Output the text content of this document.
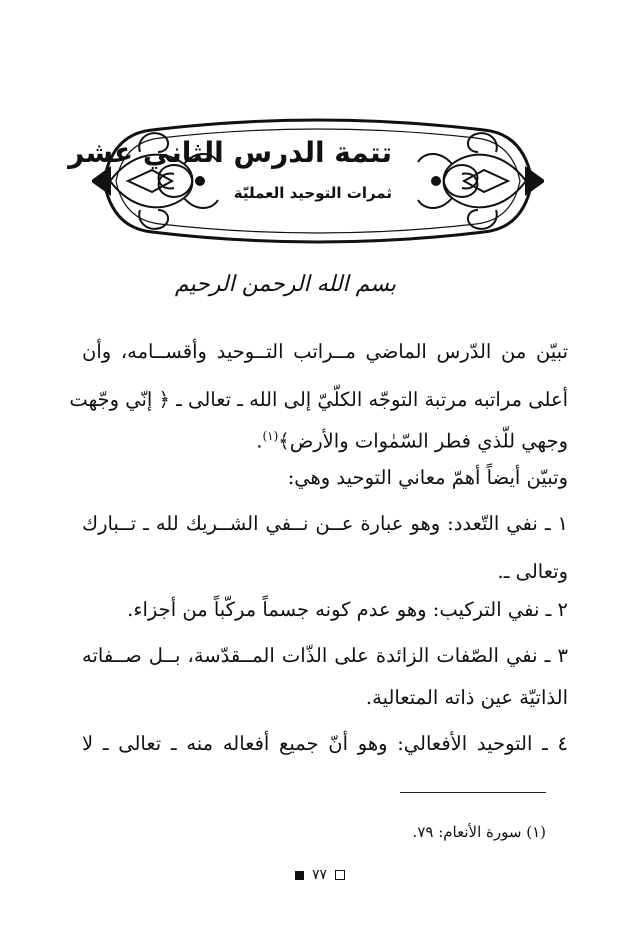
تتمة الدرس الثاني عشر
ثمرات التوحيد العمليّة
بسم الله الرحمن الرحيم
تبيّن من الدّرس الماضي مــراتب التــوحيد وأقســامه، وأن
أعلى مراتبه مرتبة التوجّه الكلّيّ إلى الله ـ تعالى ـ ﴿ إنّي وجّهت
وجهي للّذي فطر السّمٰوات والأرض﴾$^{(١)}$.
وتبيّن أيضاً أهمّ معاني التوحيد وهي:
١ ـ نفي التّعدد: وهو عبارة عــن نــفي الشــريك لله ـ تــبارك
وتعالى ـ.
٢ ـ نفي التركيب: وهو عدم كونه جسماً مركّباً من أجزاء.
٣ ـ نفي الصّفات الزائدة على الذّات المــقدّسة، بــل صــفاته
الذاتيّة عين ذاته المتعالية.
٤ ـ التوحيد الأفعالي: وهو أنّ جميع أفعاله منه ـ تعالى ـ لا
(١) سورة الأنعام: ٧٩.
٧٧
